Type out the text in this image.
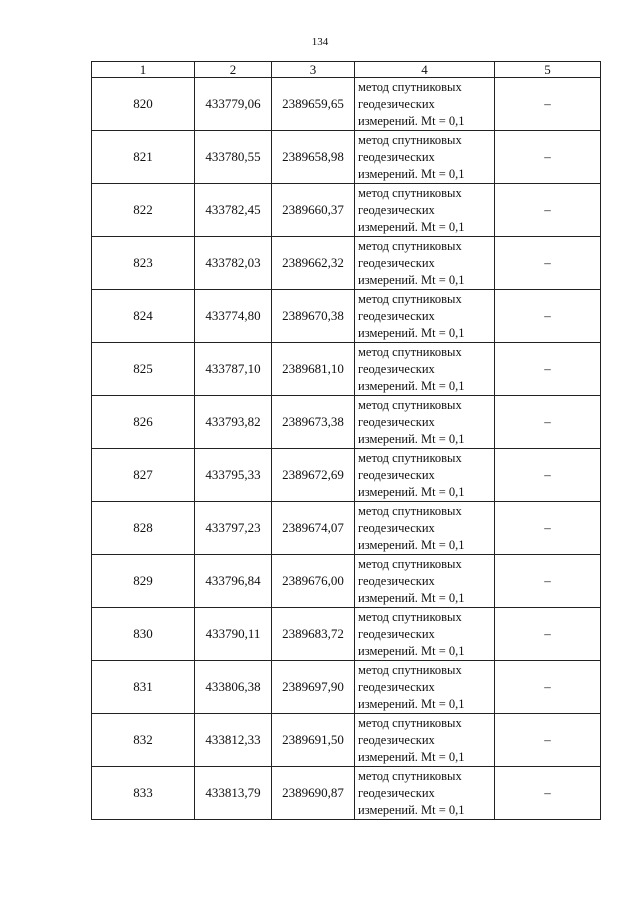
134
1	2	3	4	5
820	433779,06	2389659,65	метод спутниковых
геодезических
измерений. Mt = 0,1	–
821	433780,55	2389658,98	метод спутниковых
геодезических
измерений. Mt = 0,1	–
822	433782,45	2389660,37	метод спутниковых
геодезических
измерений. Mt = 0,1	–
823	433782,03	2389662,32	метод спутниковых
геодезических
измерений. Mt = 0,1	–
824	433774,80	2389670,38	метод спутниковых
геодезических
измерений. Mt = 0,1	–
825	433787,10	2389681,10	метод спутниковых
геодезических
измерений. Mt = 0,1	–
826	433793,82	2389673,38	метод спутниковых
геодезических
измерений. Mt = 0,1	–
827	433795,33	2389672,69	метод спутниковых
геодезических
измерений. Mt = 0,1	–
828	433797,23	2389674,07	метод спутниковых
геодезических
измерений. Mt = 0,1	–
829	433796,84	2389676,00	метод спутниковых
геодезических
измерений. Mt = 0,1	–
830	433790,11	2389683,72	метод спутниковых
геодезических
измерений. Mt = 0,1	–
831	433806,38	2389697,90	метод спутниковых
геодезических
измерений. Mt = 0,1	–
832	433812,33	2389691,50	метод спутниковых
геодезических
измерений. Mt = 0,1	–
833	433813,79	2389690,87	метод спутниковых
геодезических
измерений. Mt = 0,1	–
